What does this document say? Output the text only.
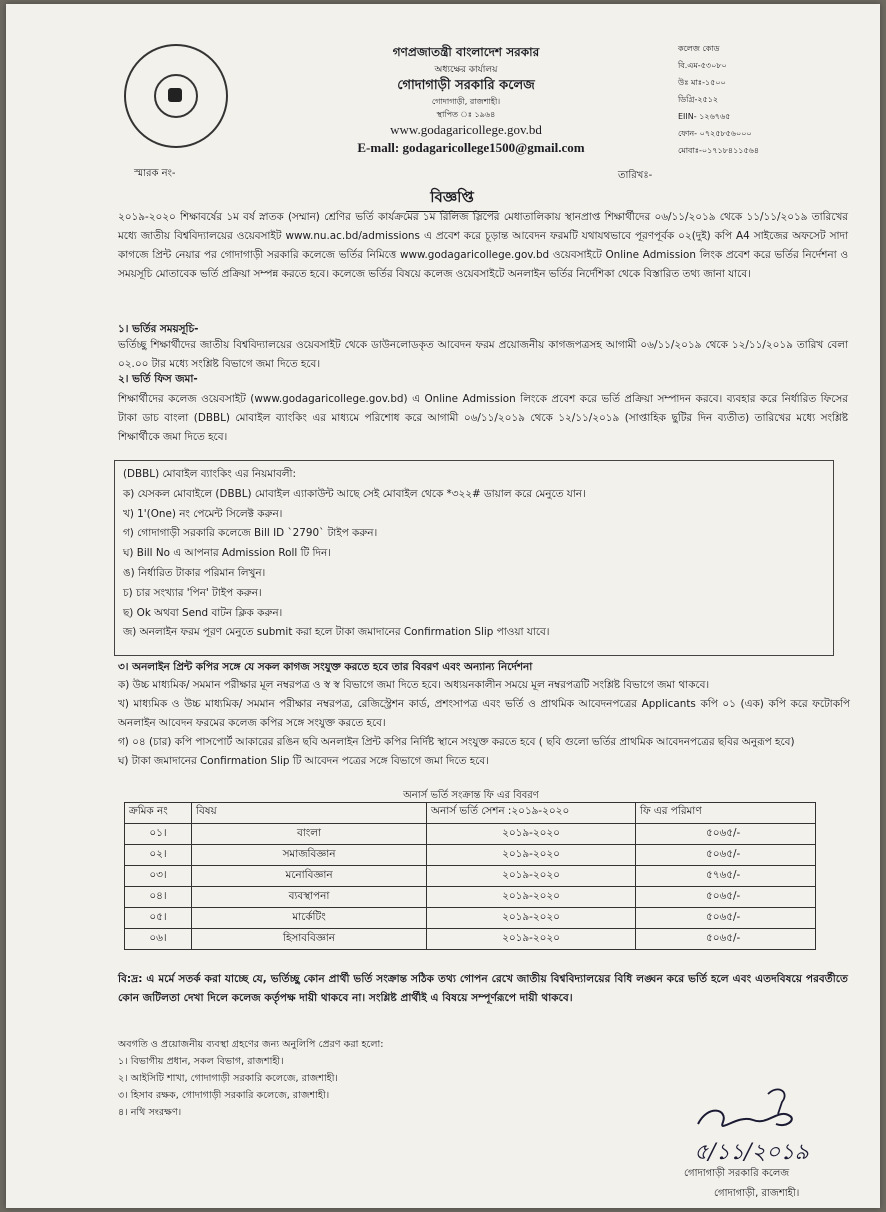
গণপ্রজাতন্ত্রী বাংলাদেশ সরকার
অধ্যক্ষের কার্যালয়
গোদাগাড়ী সরকারি কলেজ
গোদাগাড়ী, রাজশাহী।
স্থাপিত ঃ ১৯৬৪
www.godagaricollege.gov.bd
E-mall: godagaricollege1500@gmail.com
কলেজ কোড
বি.এম-৫৩০৮০
উঃ মাঃ-১৫০০
ডিগ্রি-২৫১২
EIIN- ১২৬৭৬৫
ফোন- ০৭২৫৮৫৬০০০
মোবাঃ-০১৭১৮৪১১৫৬৪
স্মারক নং-	তারিখঃ-
বিজ্ঞপ্তি
২০১৯-২০২০ শিক্ষাবর্ষের ১ম বর্ষ স্নাতক (সম্মান) শ্রেণির ভর্তি কার্যক্রমের ১ম রিলিজ স্লিপের মেধাতালিকায় স্থানপ্রাপ্ত শিক্ষার্থীদের ০৬/১১/২০১৯ থেকে ১১/১১/২০১৯ তারিখের মধ্যে জাতীয় বিশ্ববিদ্যালয়ের ওয়েবসাইট www.nu.ac.bd/admissions এ প্রবেশ করে চূড়ান্ত আবেদন ফরমটি যথাযথভাবে পূরণপূর্বক ০২(দুই) কপি A4 সাইজের অফসেট সাদা কাগজে প্রিন্ট নেয়ার পর গোদাগাড়ী সরকারি কলেজে ভর্তির নিমিত্তে www.godagaricollege.gov.bd ওয়েবসাইটে Online Admission লিংক প্রবেশ করে ভর্তির নির্দেশনা ও সময়সূচি মোতাবেক ভর্তি প্রক্রিয়া সম্পন্ন করতে হবে। কলেজে ভর্তির বিষয়ে কলেজ ওয়েবসাইটে অনলাইন ভর্তির নির্দেশিকা থেকে বিস্তারিত তথ্য জানা যাবে।
১। ভর্তির সময়সূচি-
ভর্তিচ্ছু শিক্ষার্থীদের জাতীয় বিশ্ববিদ্যালয়ের ওয়েবসাইট থেকে ডাউনলোডকৃত আবেদন ফরম প্রয়োজনীয় কাগজপত্রসহ আগামী ০৬/১১/২০১৯ থেকে ১২/১১/২০১৯ তারিখ বেলা ০২.০০ টার মধ্যে সংশ্লিষ্ট বিভাগে জমা দিতে হবে।
২। ভর্তি ফিস জমা-
শিক্ষার্থীদের কলেজ ওয়েবসাইট (www.godagaricollege.gov.bd) এ Online Admission লিংকে প্রবেশ করে ভর্তি প্রক্রিয়া সম্পাদন করবে। ব্যবহার করে নির্ধারিত ফিসের টাকা ডাচ বাংলা (DBBL) মোবাইল ব্যাংকিং এর মাধ্যমে পরিশোধ করে আগামী ০৬/১১/২০১৯ থেকে ১২/১১/২০১৯ (সাপ্তাহিক ছুটির দিন ব্যতীত) তারিখের মধ্যে সংশ্লিষ্ট শিক্ষার্থীকে জমা দিতে হবে।
(DBBL) মোবাইল ব্যাংকিং এর নিয়মাবলী:
ক) যেসকল মোবাইলে (DBBL) মোবাইল এ্যাকাউন্ট আছে সেই মোবাইল থেকে *৩২২# ডায়াল করে মেনুতে যান।
খ) 1'(One) নং পেমেন্ট সিলেক্ট করুন।
গ) গোদাগাড়ী সরকারি কলেজে Bill ID `2790` টাইপ করুন।
ঘ) Bill No এ আপনার Admission Roll টি দিন।
ঙ) নির্ধারিত টাকার পরিমান লিখুন।
চ) চার সংখ্যার 'পিন' টাইপ করুন।
ছ) Ok অথবা Send বাটন ক্লিক করুন।
জ) অনলাইন ফরম পূরণ মেনুতে submit করা হলে টাকা জমাদানের Confirmation Slip পাওয়া যাবে।
৩। অনলাইন প্রিন্ট কপির সঙ্গে যে সকল কাগজ সংযুক্ত করতে হবে তার বিবরণ এবং অন্যান্য নির্দেশনা
ক) উচ্চ মাধ্যমিক/ সমমান পরীক্ষার মূল নম্বরপত্র ও স্ব স্ব বিভাগে জমা দিতে হবে। অধ্যয়নকালীন সময়ে মূল নম্বরপত্রটি সংশ্লিষ্ট বিভাগে জমা থাকবে।
খ) মাধ্যমিক ও উচ্চ মাধ্যমিক/ সমমান পরীক্ষার নম্বরপত্র, রেজিস্ট্রেশন কার্ড, প্রশংসাপত্র এবং ভর্তি ও প্রাথমিক আবেদনপত্রের Applicants কপি ০১ (এক) কপি করে ফটোকপি অনলাইন আবেদন ফরমের কলেজ কপির সঙ্গে সংযুক্ত করতে হবে।
গ) ০৪ (চার) কপি পাসপোর্ট আকারের রঙিন ছবি অনলাইন প্রিন্ট কপির নির্দিষ্ট স্থানে সংযুক্ত করতে হবে ( ছবি গুলো ভর্তির প্রাথমিক আবেদনপত্রের ছবির অনুরূপ হবে)
ঘ) টাকা জমাদানের Confirmation Slip টি আবেদন পত্রের সঙ্গে বিভাগে জমা দিতে হবে।
অনার্স ভর্তি সংক্রান্ত ফি এর বিবরণ
ক্রমিক নং	বিষয়	অনার্স ভর্তি সেশন :২০১৯-২০২০	ফি এর পরিমাণ
০১।	বাংলা	২০১৯-২০২০	৫০৬৫/-
০২।	সমাজবিজ্ঞান	২০১৯-২০২০	৫০৬৫/-
০৩।	মনোবিজ্ঞান	২০১৯-২০২০	৫৭৬৫/-
০৪।	ব্যবস্থাপনা	২০১৯-২০২০	৫০৬৫/-
০৫।	মার্কেটিং	২০১৯-২০২০	৫০৬৫/-
০৬।	হিসাববিজ্ঞান	২০১৯-২০২০	৫০৬৫/-
বি:দ্র: এ মর্মে সতর্ক করা যাচ্ছে যে, ভর্তিচ্ছু কোন প্রার্থী ভর্তি সংক্রান্ত সঠিক তথ্য গোপন রেখে জাতীয় বিশ্ববিদ্যালয়ের বিধি লঙ্ঘন করে ভর্তি হলে এবং এতদবিষয়ে পরবর্তীতে কোন জটিলতা দেখা দিলে কলেজ কর্তৃপক্ষ দায়ী থাকবে না। সংশ্লিষ্ট প্রার্থীই এ বিষয়ে সম্পূর্ণরূপে দায়ী থাকবে।
অবগতি ও প্রয়োজনীয় ব্যবস্থা গ্রহণের জন্য অনুলিপি প্রেরণ করা হলো:
১। বিভাগীয় প্রধান, সকল বিভাগ, রাজশাহী।
২। আইসিটি শাখা, গোদাগাড়ী সরকারি কলেজে, রাজশাহী।
৩। হিসাব রক্ষক, গোদাগাড়ী সরকারি কলেজে, রাজশাহী।
৪। নথি সংরক্ষণ।
৫/১১/২০১৯
গোদাগাড়ী সরকারি কলেজ
গোদাগাড়ী, রাজশাহী।
